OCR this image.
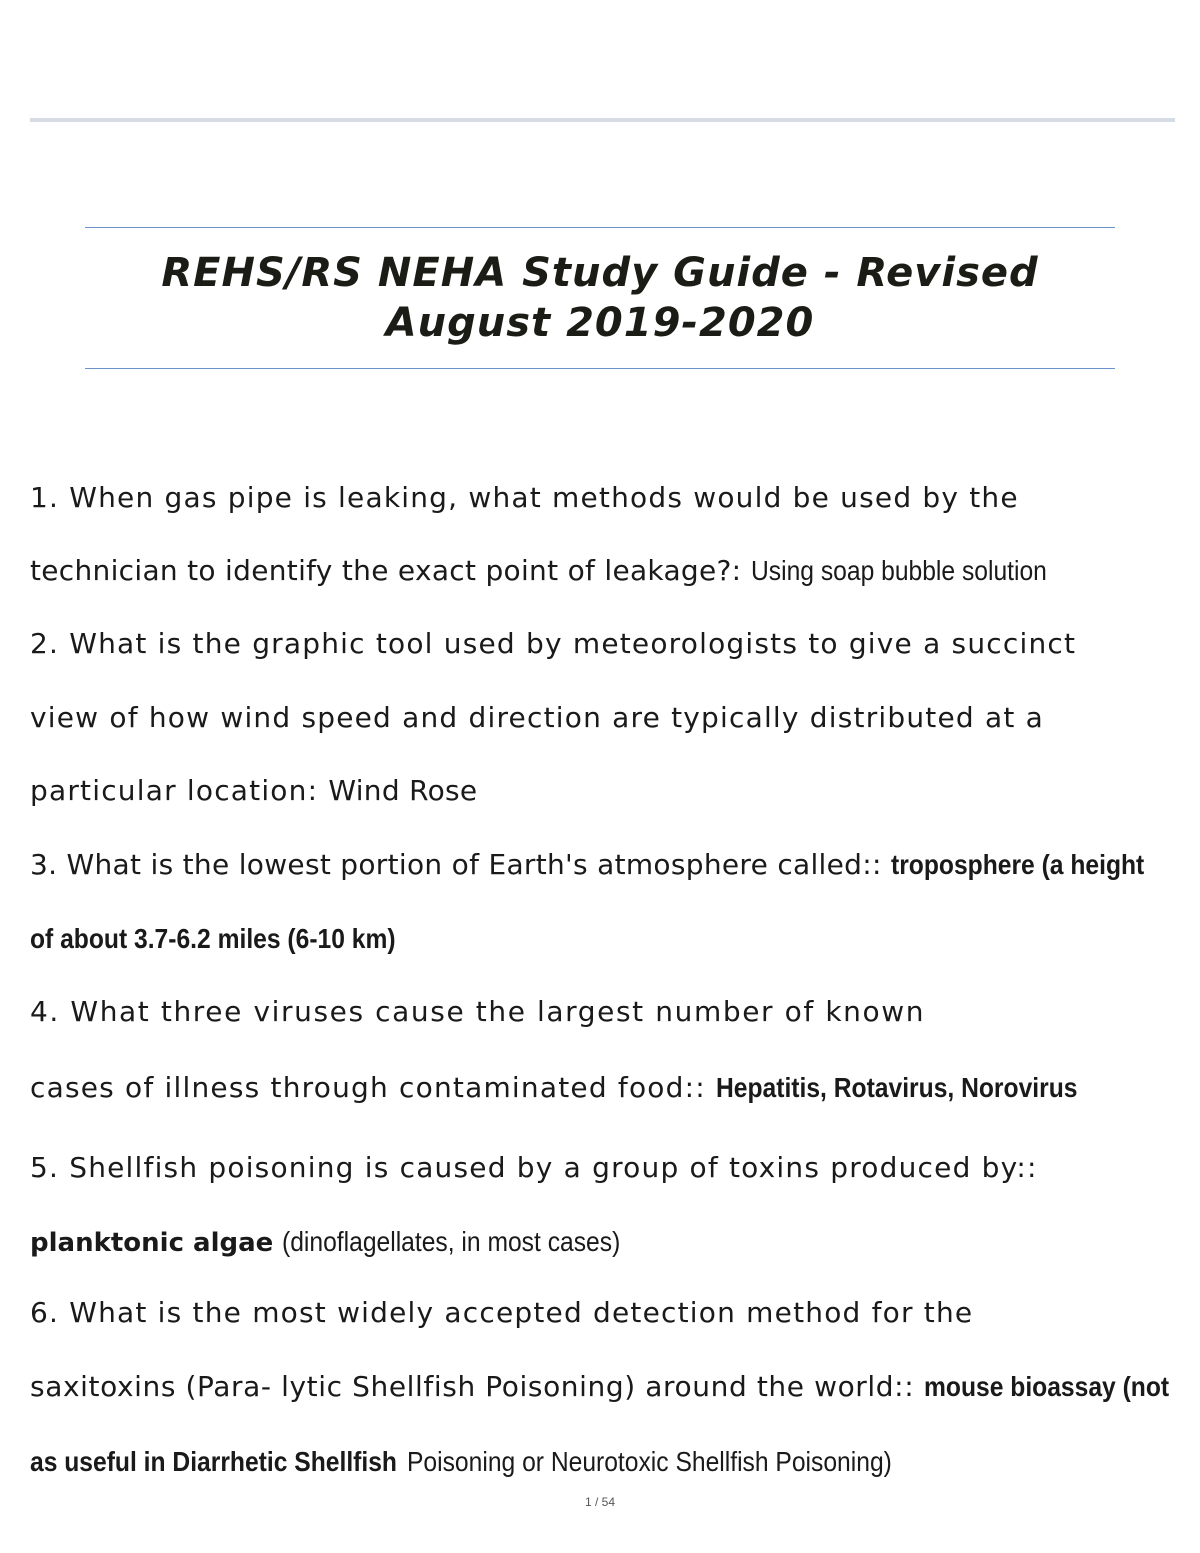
REHS/RS NEHA Study Guide - Revised
August 2019-2020

1. When gas pipe is leaking, what methods would be used by the

technician to identify the exact point of leakage?: Using soap bubble solution

2. What is the graphic tool used by meteorologists to give a succinct

view of how wind speed and direction are typically distributed at a

particular location: Wind Rose

3. What is the lowest portion of Earth's atmosphere called:: troposphere (a height

of about 3.7-6.2 miles (6-10 km)

4. What three viruses cause the largest number of known

cases of illness through contaminated food:: Hepatitis, Rotavirus, Norovirus

5. Shellfish poisoning is caused by a group of toxins produced by::

planktonic algae (dinoflagellates, in most cases)

6. What is the most widely accepted detection method for the

saxitoxins (Para- lytic Shellfish Poisoning) around the world:: mouse bioassay (not

as useful in Diarrhetic ShellfishPoisoning or Neurotoxic Shellfish Poisoning)

1 / 54
